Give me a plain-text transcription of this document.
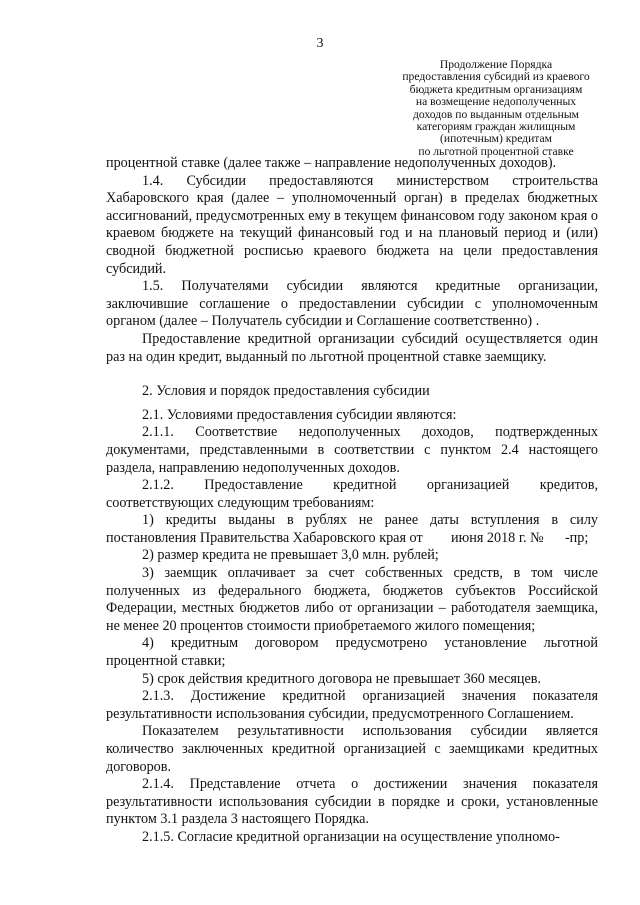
3
Продолжение Порядка
предоставления субсидий из краевого
бюджета кредитным организациям
на возмещение недополученных
доходов по выданным отдельным
категориям граждан жилищным
(ипотечным) кредитам
по льготной процентной ставке

процентной ставке (далее также – направление недополученных доходов).

1.4. Субсидии предоставляются министерством строительства Хабаровского края (далее – уполномоченный орган) в пределах бюджетных ассигнований, предусмотренных ему в текущем финансовом году законом края о краевом бюджете на текущий финансовый год и на плановый период и (или) сводной бюджетной росписью краевого бюджета на цели предоставления субсидий.

1.5. Получателями субсидии являются кредитные организации, заключившие соглашение о предоставлении субсидии с уполномоченным органом (далее – Получатель субсидии и Соглашение соответственно) .

Предоставление кредитной организации субсидий осуществляется один раз на один кредит, выданный по льготной процентной ставке заемщику.

2. Условия и порядок предоставления субсидии

2.1. Условиями предоставления субсидии являются:

2.1.1. Соответствие недополученных доходов, подтвержденных документами, представленными в соответствии с пунктом 2.4 настоящего раздела, направлению недополученных доходов.

2.1.2. Предоставление кредитной организацией кредитов, соответствующих следующим требованиям:

1) кредиты выданы в рублях не ранее даты вступления в силу постановления Правительства Хабаровского края от        июня 2018 г. №      -пр;

2) размер кредита не превышает 3,0 млн. рублей;

3) заемщик оплачивает за счет собственных средств, в том числе полученных из федерального бюджета, бюджетов субъектов Российской Федерации, местных бюджетов либо от организации – работодателя заемщика, не менее 20 процентов стоимости приобретаемого жилого помещения;

4) кредитным договором предусмотрено установление льготной процентной ставки;

5) срок действия кредитного договора не превышает 360 месяцев.

2.1.3. Достижение кредитной организацией значения показателя результативности использования субсидии, предусмотренного Соглашением.

Показателем результативности использования субсидии является количество заключенных кредитной организацией с заемщиками кредитных договоров.

2.1.4. Представление отчета о достижении значения показателя результативности использования субсидии в порядке и сроки, установленные пунктом 3.1 раздела 3 настоящего Порядка.

2.1.5. Согласие кредитной организации на осуществление уполномо-
